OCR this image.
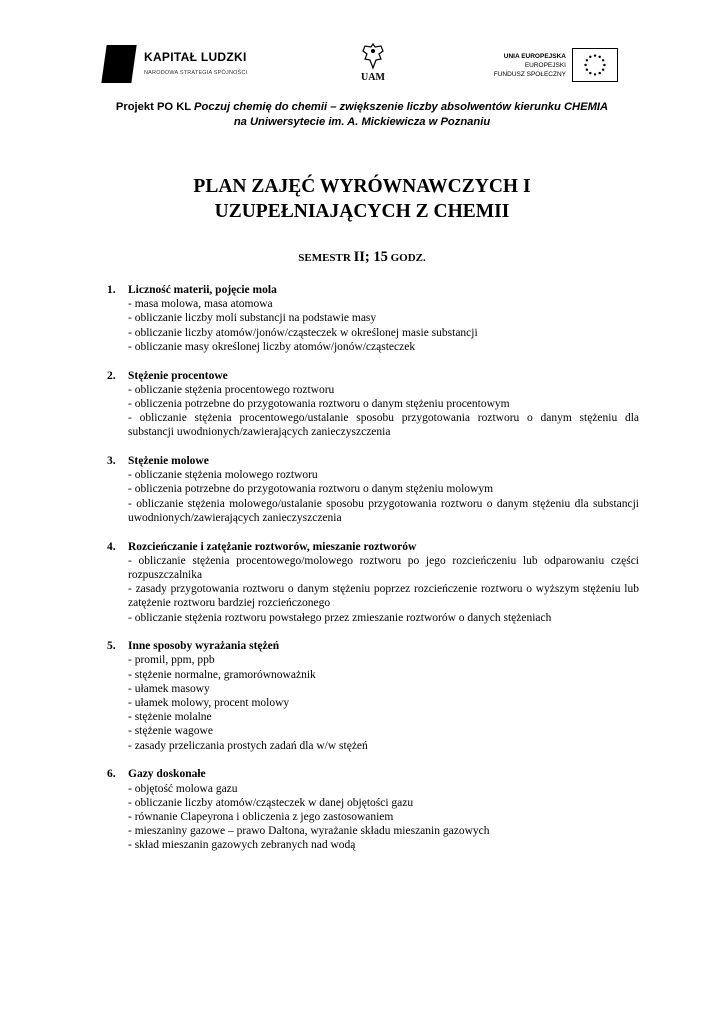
KAPITAŁ LUDZKI
NARODOWA STRATEGIA SPÓJNOŚCI	UAM
UNIA EUROPEJSKA
EUROPEJSKI
FUNDUSZ SPOŁECZNY
Projekt PO KL Poczuj chemię do chemii – zwiększenie liczby absolwentów kierunku CHEMIA
na Uniwersytecie im. A. Mickiewicza w Poznaniu
PLAN ZAJĘĆ WYRÓWNAWCZYCH I
UZUPEŁNIAJĄCYCH Z CHEMII
SEMESTR II; 15 GODZ.
1. Liczność materii, pojęcie mola
- masa molowa, masa atomowa
- obliczanie liczby moli substancji na podstawie masy
- obliczanie liczby atomów/jonów/cząsteczek w określonej masie substancji
- obliczanie masy określonej liczby atomów/jonów/cząsteczek
2. Stężenie procentowe
- obliczanie stężenia procentowego roztworu
- obliczenia potrzebne do przygotowania roztworu o danym stężeniu procentowym
- obliczanie stężenia procentowego/ustalanie sposobu przygotowania roztworu o danym stężeniu dla substancji uwodnionych/zawierających zanieczyszczenia
3. Stężenie molowe
- obliczanie stężenia molowego roztworu
- obliczenia potrzebne do przygotowania roztworu o danym stężeniu molowym
- obliczanie stężenia molowego/ustalanie sposobu przygotowania roztworu o danym stężeniu dla substancji uwodnionych/zawierających zanieczyszczenia
4. Rozcieńczanie i zatężanie roztworów, mieszanie roztworów
- obliczanie stężenia procentowego/molowego roztworu po jego rozcieńczeniu lub odparowaniu części rozpuszczalnika
- zasady przygotowania roztworu o danym stężeniu poprzez rozcieńczenie roztworu o wyższym stężeniu lub zatężenie roztworu bardziej rozcieńczonego
- obliczanie stężenia roztworu powstałego przez zmieszanie roztworów o danych stężeniach
5. Inne sposoby wyrażania stężeń
- promil, ppm, ppb
- stężenie normalne, gramorównoważnik
- ułamek masowy
- ułamek molowy, procent molowy
- stężenie molalne
- stężenie wagowe
- zasady przeliczania prostych zadań dla w/w stężeń
6. Gazy doskonałe
- objętość molowa gazu
- obliczanie liczby atomów/cząsteczek w danej objętości gazu
- równanie Clapeyrona i obliczenia z jego zastosowaniem
- mieszaniny gazowe – prawo Daltona, wyrażanie składu mieszanin gazowych
- skład mieszanin gazowych zebranych nad wodą
